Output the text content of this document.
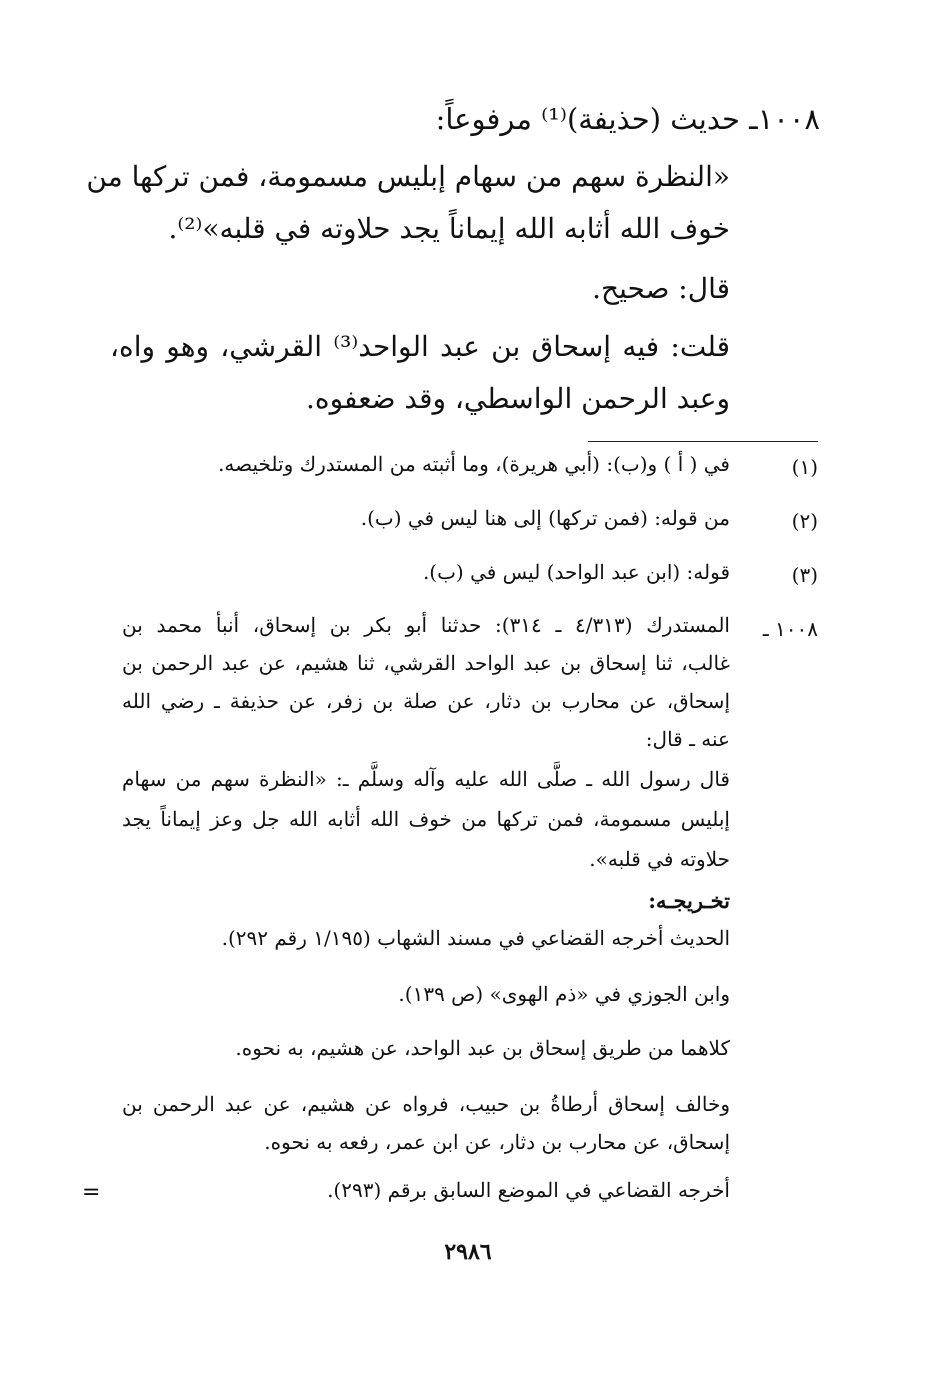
١٠٠٨ـ حديث (حذيفة)⁽¹⁾ مرفوعاً:
«النظرة سهم من سهام إبليس مسمومة، فمن تركها من
خوف الله أثابه الله إيماناً يجد حلاوته في قلبه»⁽²⁾.
قال: صحيح.
قلت: فيه إسحاق بن عبد الواحد⁽³⁾ القرشي، وهو واه،
وعبد الرحمن الواسطي، وقد ضعفوه.
(١)
في ( أ ) و(ب): (أبي هريرة)، وما أثبته من المستدرك وتلخيصه.
(٢)
من قوله: (فمن تركها) إلى هنا ليس في (ب).
(٣)
قوله: (ابن عبد الواحد) ليس في (ب).
١٠٠٨ ـ
المستدرك (٤/٣١٣ ـ ٣١٤): حدثنا أبو بكر بن إسحاق، أنبأ محمد بن
غالب، ثنا إسحاق بن عبد الواحد القرشي، ثنا هشيم، عن عبد الرحمن بن
إسحاق، عن محارب بن دثار، عن صلة بن زفر، عن حذيفة ـ رضي الله
عنه ـ قال:
قال رسول الله ـ صلَّى الله عليه وآله وسلَّم ـ: «النظرة سهم من سهام
إبليس مسمومة، فمن تركها من خوف الله أثابه الله جل وعز إيماناً يجد
حلاوته في قلبه».
تخـريجـه:
الحديث أخرجه القضاعي في مسند الشهاب (١/١٩٥ رقم ٢٩٢).
وابن الجوزي في «ذم الهوى» (ص ١٣٩).
كلاهما من طريق إسحاق بن عبد الواحد، عن هشيم، به نحوه.
وخالف إسحاق أرطاةُ بن حبيب، فرواه عن هشيم، عن عبد الرحمن بن
إسحاق، عن محارب بن دثار، عن ابن عمر، رفعه به نحوه.
أخرجه القضاعي في الموضع السابق برقم (٢٩٣).
=
٢٩٨٦
